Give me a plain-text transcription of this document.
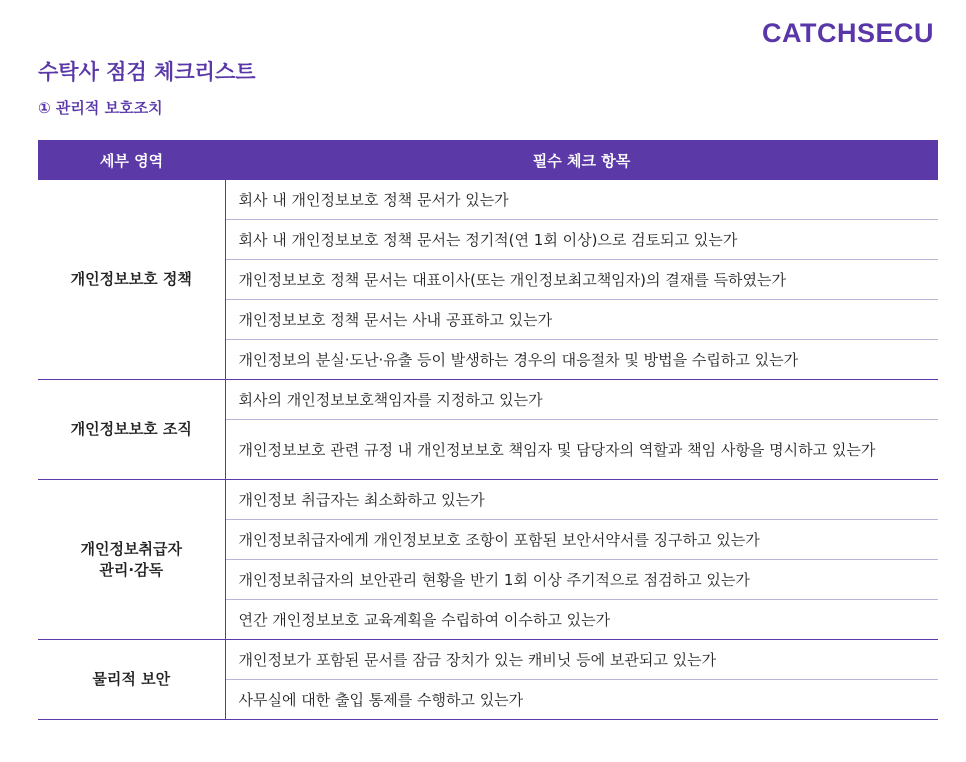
CATCHSECU
수탁사 점검 체크리스트
① 관리적 보호조치
세부 영역	필수 체크 항목
개인정보보호 정책	회사 내 개인정보보호 정책 문서가 있는가
	회사 내 개인정보보호 정책 문서는 정기적(연 1회 이상)으로 검토되고 있는가
	개인정보보호 정책 문서는 대표이사(또는 개인정보최고책임자)의 결재를 득하였는가
	개인정보보호 정책 문서는 사내 공표하고 있는가
	개인정보의 분실·도난·유출 등이 발생하는 경우의 대응절차 및 방법을 수립하고 있는가
개인정보보호 조직	회사의 개인정보보호책임자를 지정하고 있는가
	개인정보보호 관련 규정 내 개인정보보호 책임자 및 담당자의 역할과 책임 사항을 명시하고 있는가

개인정보취급자
관리·감독	개인정보 취급자는 최소화하고 있는가
	개인정보취급자에게 개인정보보호 조항이 포함된 보안서약서를 징구하고 있는가
	개인정보취급자의 보안관리 현황을 반기 1회 이상 주기적으로 점검하고 있는가
	연간 개인정보보호 교육계획을 수립하여 이수하고 있는가
물리적 보안	개인정보가 포함된 문서를 잠금 장치가 있는 캐비닛 등에 보관되고 있는가
	사무실에 대한 출입 통제를 수행하고 있는가
